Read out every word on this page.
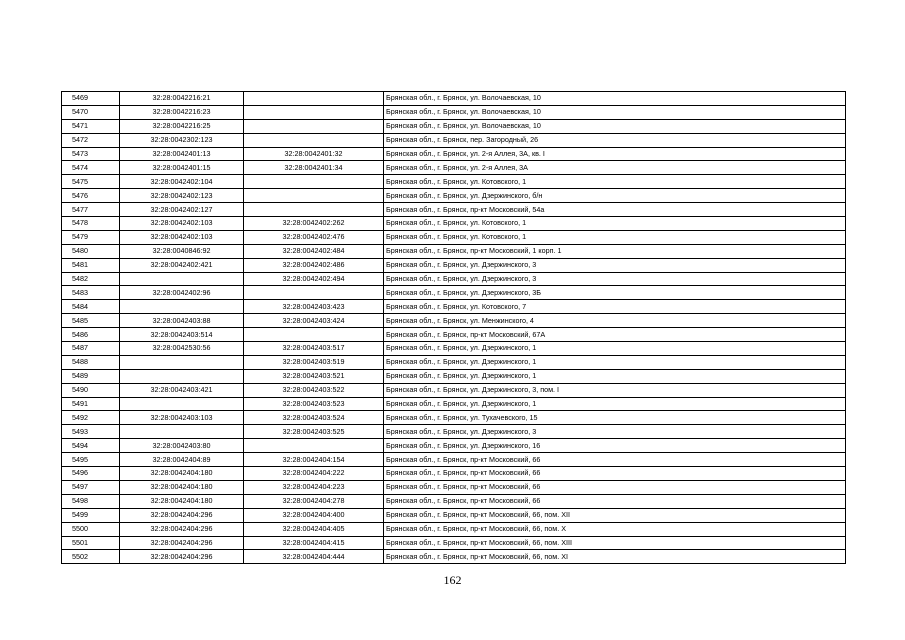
5469	32:28:0042216:21		Брянская обл., г. Брянск, ул. Волочаевская, 10
5470	32:28:0042216:23		Брянская обл., г. Брянск, ул. Волочаевская, 10
5471	32:28:0042216:25		Брянская обл., г. Брянск, ул. Волочаевская, 10
5472	32:28:0042302:123		Брянская обл., г. Брянск, пер. Загородный, 26
5473	32:28:0042401:13	32:28:0042401:32	Брянская обл., г. Брянск, ул. 2-я Аллея, 3А, кв. I
5474	32:28:0042401:15	32:28:0042401:34	Брянская обл., г. Брянск, ул. 2-я Аллея, 3А
5475	32:28:0042402:104		Брянская обл., г. Брянск, ул. Котовского, 1
5476	32:28:0042402:123		Брянская обл., г. Брянск, ул. Дзержинского, б/н
5477	32:28:0042402:127		Брянская обл., г. Брянск, пр-кт Московский, 54а
5478	32:28:0042402:103	32:28:0042402:262	Брянская обл., г. Брянск, ул. Котовского, 1
5479	32:28:0042402:103	32:28:0042402:476	Брянская обл., г. Брянск, ул. Котовского, 1
5480	32:28:0040846:92	32:28:0042402:484	Брянская обл., г. Брянск, пр-кт Московский, 1 корп. 1
5481	32:28:0042402:421	32:28:0042402:486	Брянская обл., г. Брянск, ул. Дзержинского, 3
5482		32:28:0042402:494	Брянская обл., г. Брянск, ул. Дзержинского, 3
5483	32:28:0042402:96		Брянская обл., г. Брянск, ул. Дзержинского, 3Б
5484		32:28:0042403:423	Брянская обл., г. Брянск, ул. Котовского, 7
5485	32:28:0042403:88	32:28:0042403:424	Брянская обл., г. Брянск, ул. Менжинского, 4
5486	32:28:0042403:514		Брянская обл., г. Брянск, пр-кт Московский, 67А
5487	32:28:0042530:56	32:28:0042403:517	Брянская обл., г. Брянск, ул. Дзержинского, 1
5488		32:28:0042403:519	Брянская обл., г. Брянск, ул. Дзержинского, 1
5489		32:28:0042403:521	Брянская обл., г. Брянск, ул. Дзержинского, 1
5490	32:28:0042403:421	32:28:0042403:522	Брянская обл., г. Брянск, ул. Дзержинского, 3, пом. I
5491		32:28:0042403:523	Брянская обл., г. Брянск, ул. Дзержинского, 1
5492	32:28:0042403:103	32:28:0042403:524	Брянская обл., г. Брянск, ул. Тухачевского, 15
5493		32:28:0042403:525	Брянская обл., г. Брянск, ул. Дзержинского, 3
5494	32:28:0042403:80		Брянская обл., г. Брянск, ул. Дзержинского, 16
5495	32:28:0042404:89	32:28:0042404:154	Брянская обл., г. Брянск, пр-кт Московский, 66
5496	32:28:0042404:180	32:28:0042404:222	Брянская обл., г. Брянск, пр-кт Московский, 66
5497	32:28:0042404:180	32:28:0042404:223	Брянская обл., г. Брянск, пр-кт Московский, 66
5498	32:28:0042404:180	32:28:0042404:278	Брянская обл., г. Брянск, пр-кт Московский, 66
5499	32:28:0042404:296	32:28:0042404:400	Брянская обл., г. Брянск, пр-кт Московский, 66, пом. XII
5500	32:28:0042404:296	32:28:0042404:405	Брянская обл., г. Брянск, пр-кт Московский, 66, пом. X
5501	32:28:0042404:296	32:28:0042404:415	Брянская обл., г. Брянск, пр-кт Московский, 66, пом. XIII
5502	32:28:0042404:296	32:28:0042404:444	Брянская обл., г. Брянск, пр-кт Московский, 66, пом. XI
162
